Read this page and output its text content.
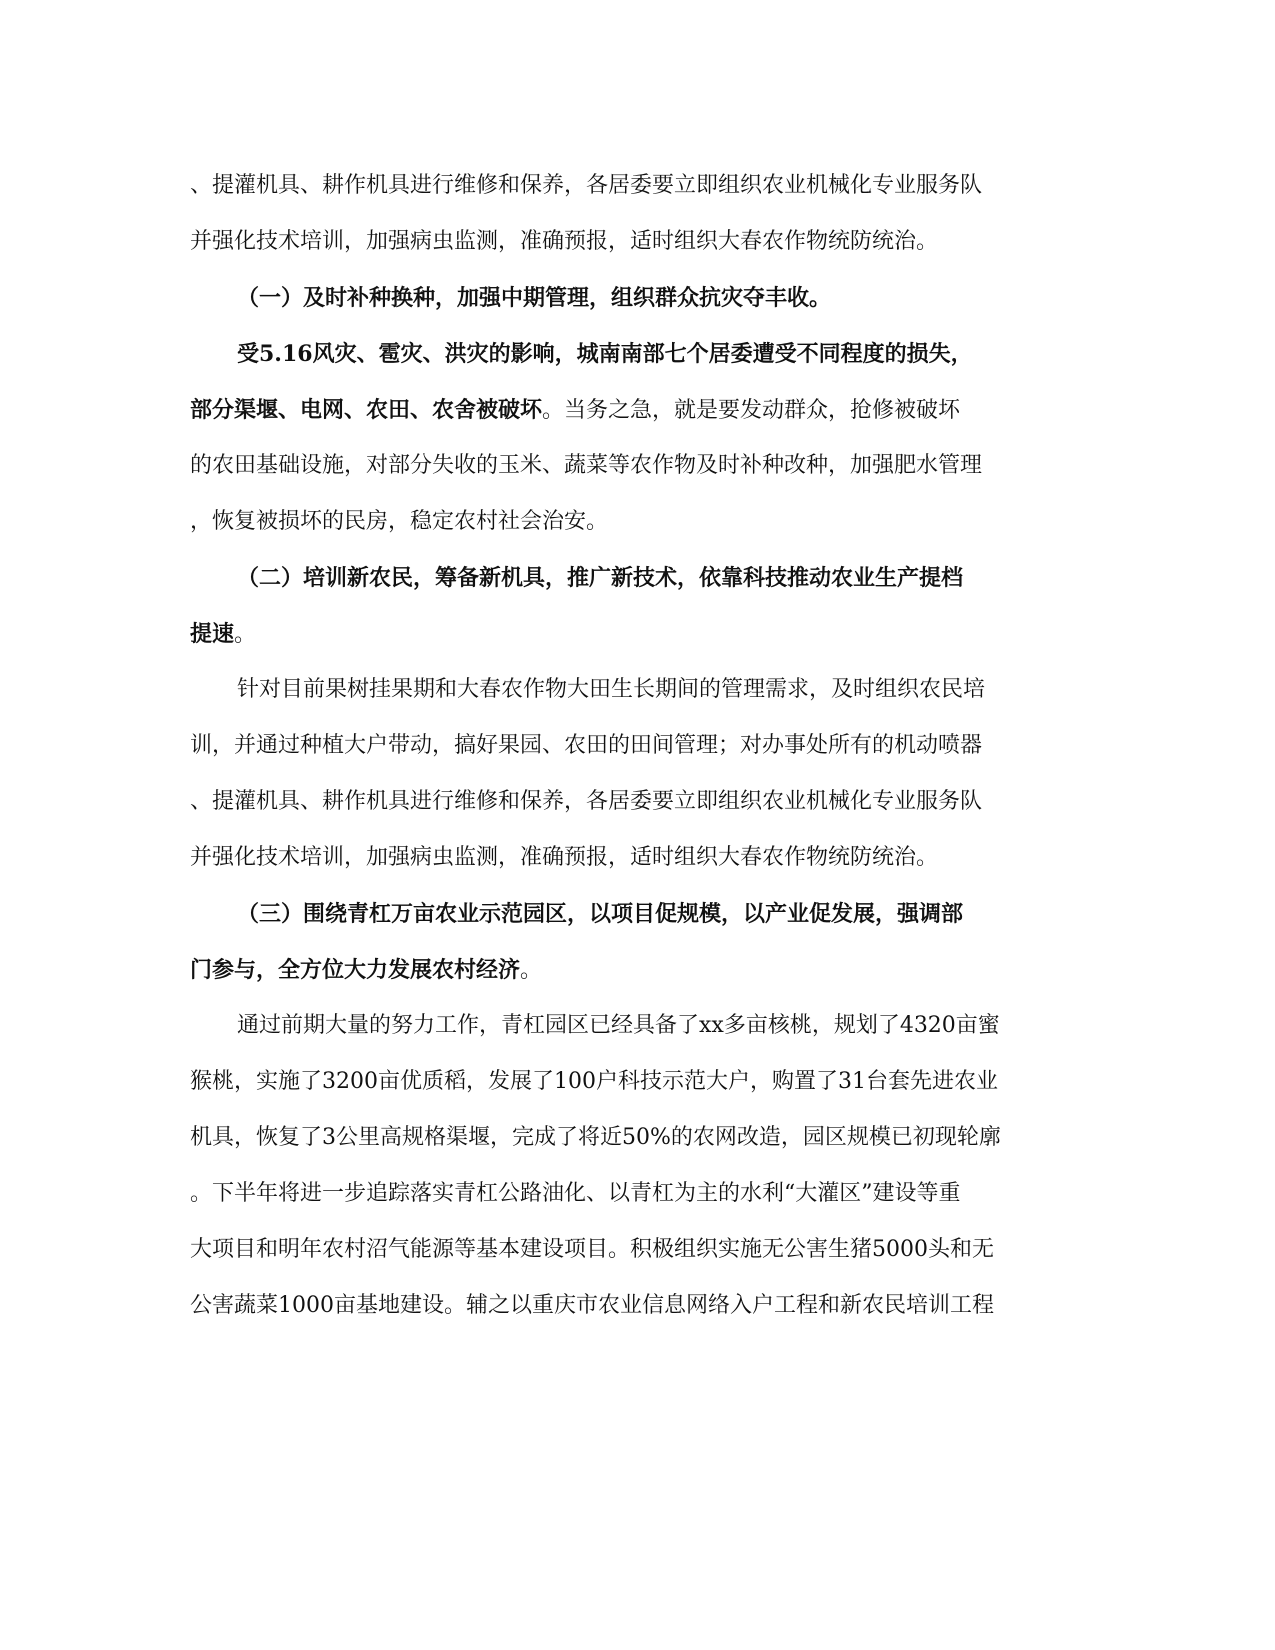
、提灌机具、耕作机具进行维修和保养，各居委要立即组织农业机械化专业服务队
并强化技术培训，加强病虫监测，准确预报，适时组织大春农作物统防统治。
（一）及时补种换种，加强中期管理，组织群众抗灾夺丰收。
受5.16风灾、雹灾、洪灾的影响，城南南部七个居委遭受不同程度的损失，
部分渠堰、电网、农田、农舍被破坏。当务之急，就是要发动群众，抢修被破坏
的农田基础设施，对部分失收的玉米、蔬菜等农作物及时补种改种，加强肥水管理
，恢复被损坏的民房，稳定农村社会治安。
（二）培训新农民，筹备新机具，推广新技术，依靠科技推动农业生产提档
提速。
针对目前果树挂果期和大春农作物大田生长期间的管理需求，及时组织农民培
训，并通过种植大户带动，搞好果园、农田的田间管理；对办事处所有的机动喷器
、提灌机具、耕作机具进行维修和保养，各居委要立即组织农业机械化专业服务队
并强化技术培训，加强病虫监测，准确预报，适时组织大春农作物统防统治。
（三）围绕青杠万亩农业示范园区，以项目促规模，以产业促发展，强调部
门参与，全方位大力发展农村经济。
通过前期大量的努力工作，青杠园区已经具备了xx多亩核桃，规划了4320亩蜜
猴桃，实施了3200亩优质稻，发展了100户科技示范大户，购置了31台套先进农业
机具，恢复了3公里高规格渠堰，完成了将近50%的农网改造，园区规模已初现轮廓
。下半年将进一步追踪落实青杠公路油化、以青杠为主的水利“大灌区”建设等重
大项目和明年农村沼气能源等基本建设项目。积极组织实施无公害生猪5000头和无
公害蔬菜1000亩基地建设。辅之以重庆市农业信息网络入户工程和新农民培训工程
